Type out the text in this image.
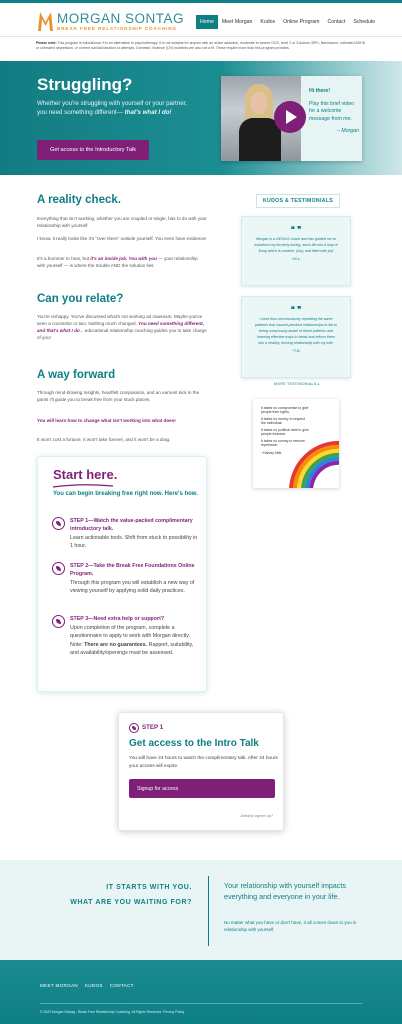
MORGAN SONTAG
BREAK FREE RELATIONSHIP COACHING
Home	Meet Morgan	Kudos	Online Program	Contact	Schedule
Please note: This program is educational. It is an alternative to psychotherapy. It is not suitable for anyone with an active addiction, moderate to severe OCD, level 2 or 3 Autism, BPD, Narcissism, untreated ADHD or untreated depression, or current suicidal ideation or attempts. Domestic Violence (DV) incidents are also not a fit. These require more than this program provides.
Struggling?
Whether you're struggling with yourself or your partner, you need something different— that's what I do!
Get access to the Introductory Talk
Hi there!
Play this brief video for a welcome message from me.
– Morgan
A reality check.
Everything that isn't working, whether you are coupled or single, has to do with your relationship with yourself.
I know, it really looks like it's "over there" outside yourself. You even have evidence!
It's a bummer to hear, but it's an inside job. You with you — your relationship with yourself — is where the trouble AND the solution lies.
Can you relate?
You're unhappy. You've discussed what's not working ad nauseam. Maybe you've seen a counselor or two. Nothing much changed. You need something different, and that's what I do... educational relationship coaching guides you to take charge of you!
A way forward
Through mind-blowing insights, heartfelt compassion, and an earnest kick in the pants I'll guide you to break free from your stuck places.
You will learn how to change what isn't working into what does!
It won't cost a fortune. It won't take forever, and it won't be a drag.
Start here.
You can begin breaking free right now. Here's how.
STEP 1—Watch the value-packed complimentary introductory talk.
Learn actionable tools. Shift from stuck to possibility in 1 hour.
STEP 2—Take the Break Free Foundations Online Program.
Through this program you will establish a new way of viewing yourself by applying solid daily practices.
STEP 3—Need extra help or support?
Upon completion of the program, complete a questionnaire to apply to work with Morgan directly. Note: There are no guarantees. Rapport, suitability, and availability/openings must be assessed.
KUDOS & TESTIMONIALS
❝ ❞
Morgan is a GENIUS coach and has guided me to transform my formerly boring, stuck life into a way of living which is creative, juicy, and filled with joy!
~M.L.
❝ ❞
I went from unconsciously repeating the same patterns that caused previous relationships to fail to being consciously aware of these patterns and learning effective ways to break and reform them into a healthy, thriving relationship with my wife.
~T.B.
MORE TESTIMONIALS ▸
It takes no compromise to give people their rights.
It takes no money to respect the individual.
It takes no political deal to give people freedom.
It takes no survey to remove repression.
~Harvey Milk
STEP 1
Get access to the Intro Talk
You will have 24 hours to watch the complimentary talk. After 24 hours your access will expire.
Signup for access
Already signed up?
IT STARTS WITH YOU.
WHAT ARE YOU WAITING FOR?
Your relationship with yourself impacts everything and everyone in your life.
No matter what you have or don't have, it all comes down to you in relationship with yourself.
MEET MORGAN KUDOS CONTACT
© 2023 Morgan Sontag · Break Free Relationship Coaching. All Rights Reserved. Privacy Policy
